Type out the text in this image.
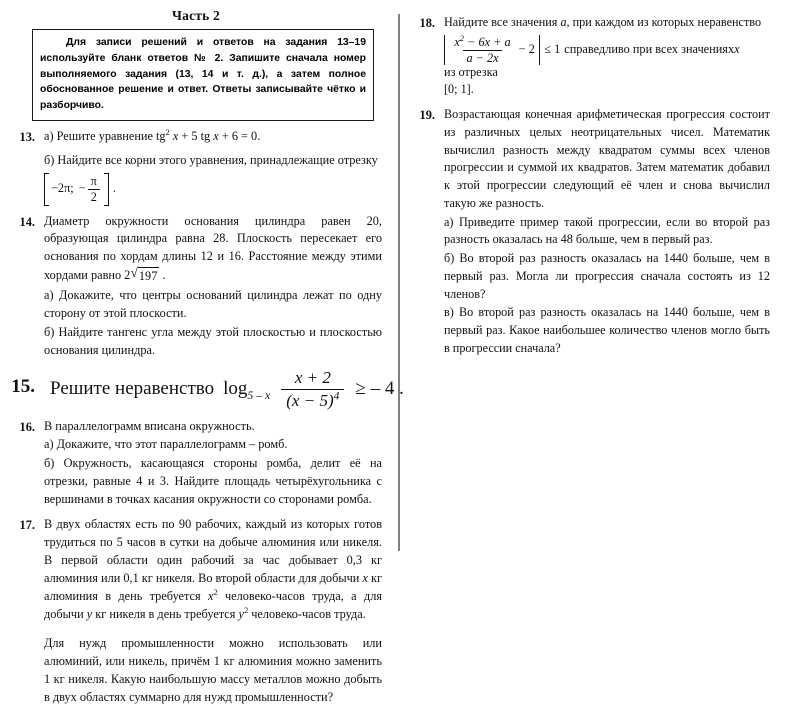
Часть 2

Для записи решений и ответов на задания 13–19 используйте бланк ответов № 2. Запишите сначала номер выполняемого задания (13, 14 и т. д.), а затем полное обоснованное решение и ответ. Ответы записывайте чётко и разборчиво.

13. а) Решите уравнение $tg^2$ x + 5 tg x + 6 = 0.

б) Найдите все корни этого уравнения, принадлежащие отрезку

−2π; − $\frac{\pi}{2}$ .
14. Диаметр окружности основания цилиндра равен 20, образующая цилиндра равна 28. Плоскость пересекает его основания по хордам длины 12 и 16. Расстояние между этими хордами равно 2 √ 197 .

а) Докажите, что центры оснований цилиндра лежат по одну сторону от этой плоскости.

б) Найдите тангенс угла между этой плоскостью и плоскостью основания цилиндра.

15. Решите неравенство $\log_{5 - x} \frac{x + 2}{(x - 5)^4}$ ≥ – 4 .
16. В параллелограмм вписана окружность.

а) Докажите, что этот параллелограмм – ромб.

б) Окружность, касающаяся стороны ромба, делит её на отрезки, равные 4 и 3. Найдите площадь четырёхугольника с вершинами в точках касания окружности со сторонами ромба.

17. В двух областях есть по 90 рабочих, каждый из которых готов трудиться по 5 часов в сутки на добыче алюминия или никеля. В первой области один рабочий за час добывает 0,3 кг алюминия или 0,1 кг никеля. Во второй области для добычи x кг алюминия в день требуется $x^2$ человеко-часов труда, а для добычи y кг никеля в день требуется $y^2$ человеко-часов труда.

Для нужд промышленности можно использовать или алюминий, или никель, причём 1 кг алюминия можно заменить 1 кг никеля. Какую наибольшую массу металлов можно добыть в двух областях суммарно для нужд промышленности?

18. Найдите все значения a, при каждом из которых неравенство

$\frac{x^2 - 6x + a}{a - 2x} - 2 \le 1$ справедливо при всех значениях x
из отрезка

[0; 1].

19. Возрастающая конечная арифметическая прогрессия состоит из различных целых неотрицательных чисел. Математик вычислил разность между квадратом суммы всех членов прогрессии и суммой их квадратов. Затем математик добавил к этой прогрессии следующий её член и снова вычислил такую же разность.

а) Приведите пример такой прогрессии, если во второй раз разность оказалась на 48 больше, чем в первый раз.

б) Во второй раз разность оказалась на 1440 больше, чем в первый раз. Могла ли прогрессия сначала состоять из 12 членов?

в) Во второй раз разность оказалась на 1440 больше, чем в первый раз. Какое наибольшее количество членов могло быть в прогрессии сначала?
